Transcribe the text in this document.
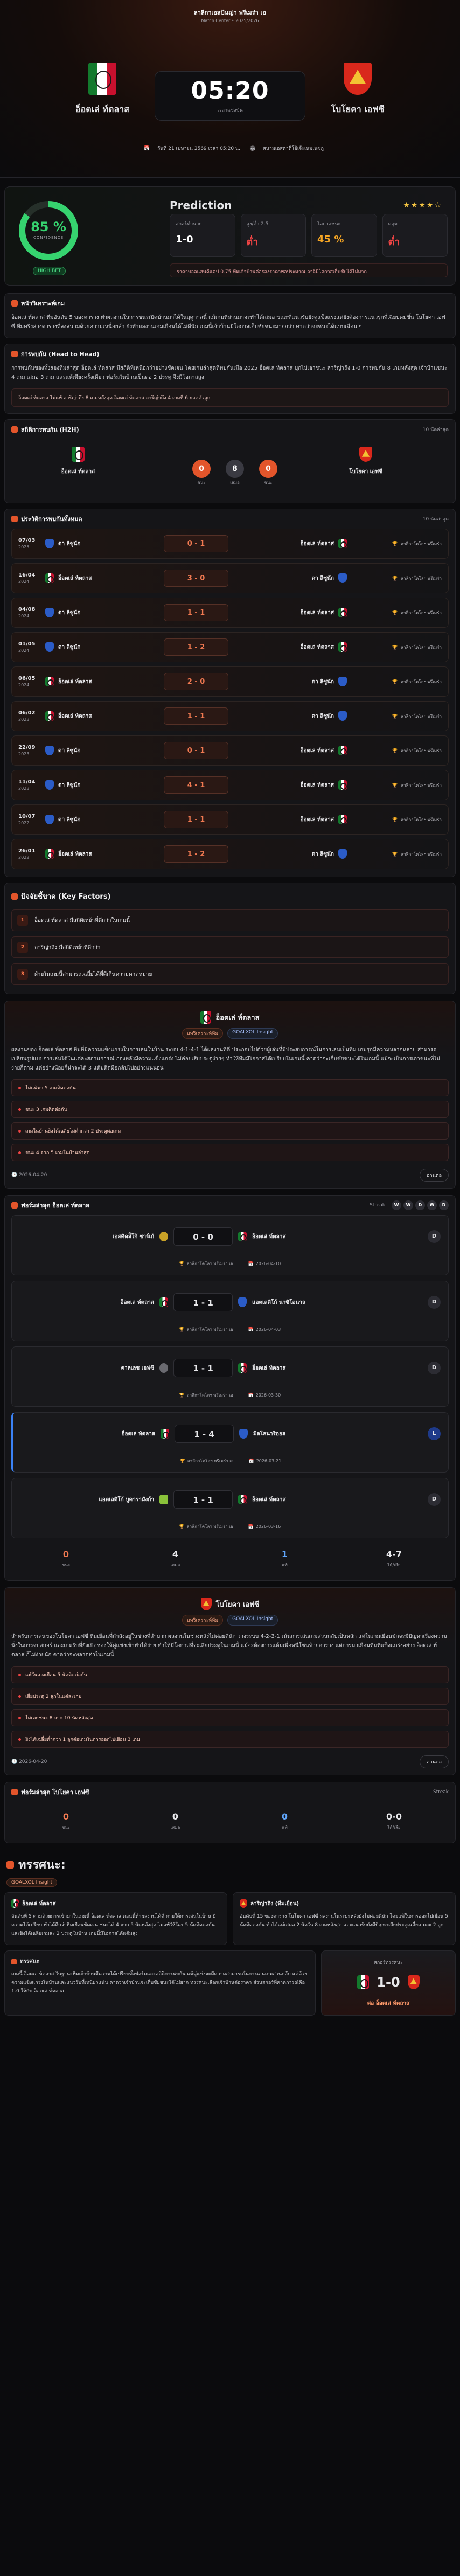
ลาลีกาเอสปันญ่า พรีเมร่า เอ
Match Center • 2025/2026
อ็อตเล่ ท์ตลาส
05:20
เวลาแข่งขัน	โบโยคา เอฟซี
📅 วันที่ 21 เมษายน 2569 เวลา 05:20 น. 🏟 สนามเอสตาดิโอ้เจ้ะเนมเนซกู
85 %
CONFIDENCE
HIGH BET
Prediction	★★★★☆
สกอร์ทำนาย
1-0
สูง/ต่ำ 2.5
ต่ำ
โอกาสชนะ
45 %
คลุม
ต่ำ
ราคาบอลแฮนดิแคป 0.75 ทีมเจ้าบ้านต่อรองราคาพอประมาณ อาจิมีโอกาสเก็บชัยได้ไม่มาก
หน้าวิเคราะห์เกม
อ็อตเล่ ท์ตลาส ทีมอันดับ 5 ของตาราง ทำผลงานในการชนะเปิดบ้านมาได้ในฤดูกาลนี้ แม้เกมที่ผ่านมาจะทำได้เสมอ ขณะที่แนวรับยังดูแข็งแรงแต่ยังต้องการแนวรุกที่เฉียบคมขึ้น โบโยคา เอฟซี ทีมครึ่งล่างตารางที่ลงสนามด้วยความเหนื่อยล้า ยังทำผลงานเกมเยือนได้ไม่ดีนัก เกมนี้เจ้าบ้านมีโอกาสเก็บชัยชนะมากกว่า คาดว่าจะชนะได้แบบเฉือน ๆ
การพบกัน (Head to Head)
การพบกันของทั้งสองทีมล่าสุด อ็อตเล่ ท์ตลาส มีสถิติที่เหนือกว่าอย่างชัดเจน โดยเกมล่าสุดที่พบกันเมื่อ 2025 อ็อตเล่ ท์ตลาส บุกไปเอาชนะ ลาริญ่าถึง 1-0 การพบกัน 8 เกมหลังสุด เจ้าบ้านชนะ 4 เกม เสมอ 3 เกม และแพ้เพียงครั้งเดียว ฟอร์มในบ้านเป็นต่อ 2 ประตู จึงมีโอกาสสูง
อ็อตเล่ ท์ตลาส ไม่แพ้ ลาริญ่าถึง 8 เกมหลังสุด อ็อตเล่ ท์ตลาส ลาริญ่าถึง 4 เกมที่ 6 ยอดตัวลูก
สถิติการพบกัน (H2H)	10 นัดล่าสุด
อ็อตเล่ ท์ตลาส	0
ชนะ
8
เสมอ
0
ชนะ
โบโยคา เอฟซี
ประวัติการพบกันทั้งหมด	10 นัดล่าสุด
07/03
2025
ดา ลิซูนัก	0 - 1	อ็อตเล่ ท์ตลาส	🏆 ลาลีกาโคโลฯ พรีเมร่า
16/04
2024
อ็อตเล่ ท์ตลาส	3 - 0	ดา ลิซูนัก	🏆 ลาลีกาโคโลฯ พรีเมร่า
04/08
2024
ดา ลิซูนัก	1 - 1	อ็อตเล่ ท์ตลาส	🏆 ลาลีกาโคโลฯ พรีเมร่า
01/05
2024
ดา ลิซูนัก	1 - 2	อ็อตเล่ ท์ตลาส	🏆 ลาลีกาโคโลฯ พรีเมร่า
06/05
2024
อ็อตเล่ ท์ตลาส	2 - 0	ดา ลิซูนัก	🏆 ลาลีกาโคโลฯ พรีเมร่า
06/02
2023
อ็อตเล่ ท์ตลาส	1 - 1	ดา ลิซูนัก	🏆 ลาลีกาโคโลฯ พรีเมร่า
22/09
2023
ดา ลิซูนัก	0 - 1	อ็อตเล่ ท์ตลาส	🏆 ลาลีกาโคโลฯ พรีเมร่า
11/04
2023
ดา ลิซูนัก	4 - 1	อ็อตเล่ ท์ตลาส	🏆 ลาลีกาโคโลฯ พรีเมร่า
10/07
2022
ดา ลิซูนัก	1 - 1	อ็อตเล่ ท์ตลาส	🏆 ลาลีกาโคโลฯ พรีเมร่า
26/01
2022
อ็อตเล่ ท์ตลาส	1 - 2	ดา ลิซูนัก	🏆 ลาลีกาโคโลฯ พรีเมร่า
ปัจจัยชี้ขาด (Key Factors)
1	อ็อตเล่ ท์ตลาส มีสถิติเหย้าที่ดีกว่าในเกมนี้
2	ลาริญ่าถึง มีสถิติเหย้าที่ดีกว่า
3	ฝ่ายในเกมนี้สามารถเฉลี่ยได้ที่ดีเกินความคาดหมาย
อ็อตเล่ ท์ตลาส
บทวิเคราะห์ทีม	GOALXOL Insight
ผลงานของ อ็อตเล่ ท์ตลาส ทีมที่มีความแข็งแกร่งในการเล่นในบ้าน ระบบ 4-1-4-1 ได้ผลงานที่ดี ประกอบไปด้วยผู้เล่นที่มีประสบการณ์ในการเล่นเป็นทีม เกมรุกมีความหลากหลาย สามารถเปลี่ยนรูปแบบการเล่นได้ในแต่ละสถานการณ์ กองหลังมีความแข็งแกร่ง ไม่ค่อยเสียประตูง่ายๆ ทำให้ทีมมีโอกาสได้เปรียบในเกมนี้ คาดว่าจะเก็บชัยชนะได้ในเกมนี้ แม้จะเป็นการเอาชนะที่ไม่ง่ายก็ตาม แต่อย่างน้อยก็น่าจะได้ 3 แต้มติดมือกลับไปอย่างแน่นอน
ไม่แพ้มา 5 เกมติดต่อกัน
ชนะ 3 เกมติดต่อกัน
เกมในบ้านยิงได้เฉลี่ยไม่ต่ำกว่า 2 ประตูต่อเกม
ชนะ 4 จาก 5 เกมในบ้านล่าสุด
🕒 2026-04-20	อ่านต่อ
ฟอร์มล่าสุด อ็อตเล่ ท์ตลาส	Streak	W	W	D	W	D
เอสคิดล่ิโก้ ซาร์เก้	0 - 0	อ็อตเล่ ท์ตลาส	D
🏆 ลาลีกาโคโลฯ พรีเมร่า เอ	📅 2026-04-10
อ็อตเล่ ท์ตลาส	1 - 1	แอตเลติโก้ นาซิโอนาล	D
🏆 ลาลีกาโคโลฯ พรีเมร่า เอ	📅 2026-04-03
คาลเลช เอฟซี	1 - 1	อ็อตเล่ ท์ตลาส	D
🏆 ลาลีกาโคโลฯ พรีเมร่า เอ	📅 2026-03-30
อ็อตเล่ ท์ตลาส	1 - 4	มิลโลนาริออส	L
🏆 ลาลีกาโคโลฯ พรีเมร่า เอ	📅 2026-03-21
แอตเลติโก้ บูคารามังก้า	1 - 1	อ็อตเล่ ท์ตลาส	D
🏆 ลาลีกาโคโลฯ พรีเมร่า เอ	📅 2026-03-16
0
ชนะ
4
เสมอ
1
แพ้
4-7
ได้/เสีย
โบโยคา เอฟซี
บทวิเคราะห์ทีม	GOALXOL Insight
สำหรับการเล่นของโบโยคา เอฟซี ทีมเยือนที่กำลังอยู่ในช่วงที่ลำบาก ผลงานในช่วงหลังไม่ค่อยดีนัก วางระบบ 4-2-3-1 เน้นการเล่นเกมสวนกลับเป็นหลัก แต่ในเกมเยือนมักจะมีปัญหาเรื่องความนิ่งในการจบสกอร์ และเกมรับที่ยังเปิดช่องให้คู่แข่งเข้าทำได้ง่าย ทำให้มีโอกาสที่จะเสียประตูในเกมนี้ แม้จะต้องการแต้มเพื่อหนีโซนท้ายตาราง แต่การมาเยือนทีมที่แข็งแกร่งอย่าง อ็อตเล่ ท์ตลาส ก็ไม่ง่ายนัก คาดว่าจะพลาดท่าในเกมนี้
แพ้ในเกมเยือน 5 นัดติดต่อกัน
เสียประตู 2 ลูกในแต่ละเกม
ไม่เคยชนะ 8 จาก 10 นัดหลังสุด
ยิงได้เฉลี่ยต่ำกว่า 1 ลูกต่อเกมในการออกไปเยือน 3 เกม
🕒 2026-04-20	อ่านต่อ
ฟอร์มล่าสุด โบโยคา เอฟซี	Streak
0
ชนะ
0
เสมอ
0
แพ้
0-0
ได้/เสีย
ทรรศนะ:
GOALXOL Insight
อ็อตเล่ ท์ตลาส
อันดับที่ 5 ตามด้วยการเข้ามาในเกมนี้ อ็อตเล่ ท์ตลาส ตอนนี้ทำผลงานได้ดี ภายใต้การเล่นในบ้าน มีความได้เปรียบ ทำได้ดีกว่าทีมเยือนชัดเจน ชนะได้ 4 จาก 5 นัดหลังสุด ไม่แพ้ให้ใคร 5 นัดติดต่อกัน และยิงได้เฉลี่ยเกมละ 2 ประตูในบ้าน เกมนี้มีโอกาสได้แต้มสูง
ลาริญ่าถึง (ทีมเยือน)
อันดับที่ 15 ของตาราง โบโยคา เอฟซี ผลงานในระยะหลังยังไม่ค่อยดีนัก โดยแพ้ในการออกไปเยือน 5 นัดติดต่อกัน ทำได้แค่เสมอ 2 นัดใน 8 เกมหลังสุด และแนวรับยังมีปัญหาเสียประตูเฉลี่ยเกมละ 2 ลูก
ทรรศนะ
เกมนี้ อ็อตเล่ ท์ตลาส ในฐานะทีมเจ้าบ้านมีความได้เปรียบทั้งฟอร์มและสถิติการพบกัน แม้คู่แข่งจะมีความสามารถในการเล่นเกมสวนกลับ แต่ด้วยความแข็งแกร่งในบ้านและแนวรับที่เหนียวแน่น คาดว่าเจ้าบ้านจะเก็บชัยชนะได้ไม่ยาก ทรรศนะเลือกเจ้าบ้านต่อราคา ส่วนสกอร์ที่คาดการณ์คือ 1-0 ให้กับ อ็อตเล่ ท์ตลาส
สกอร์ทรรศนะ
1-0
ต่อ อ็อตเล่ ท์ตลาส
